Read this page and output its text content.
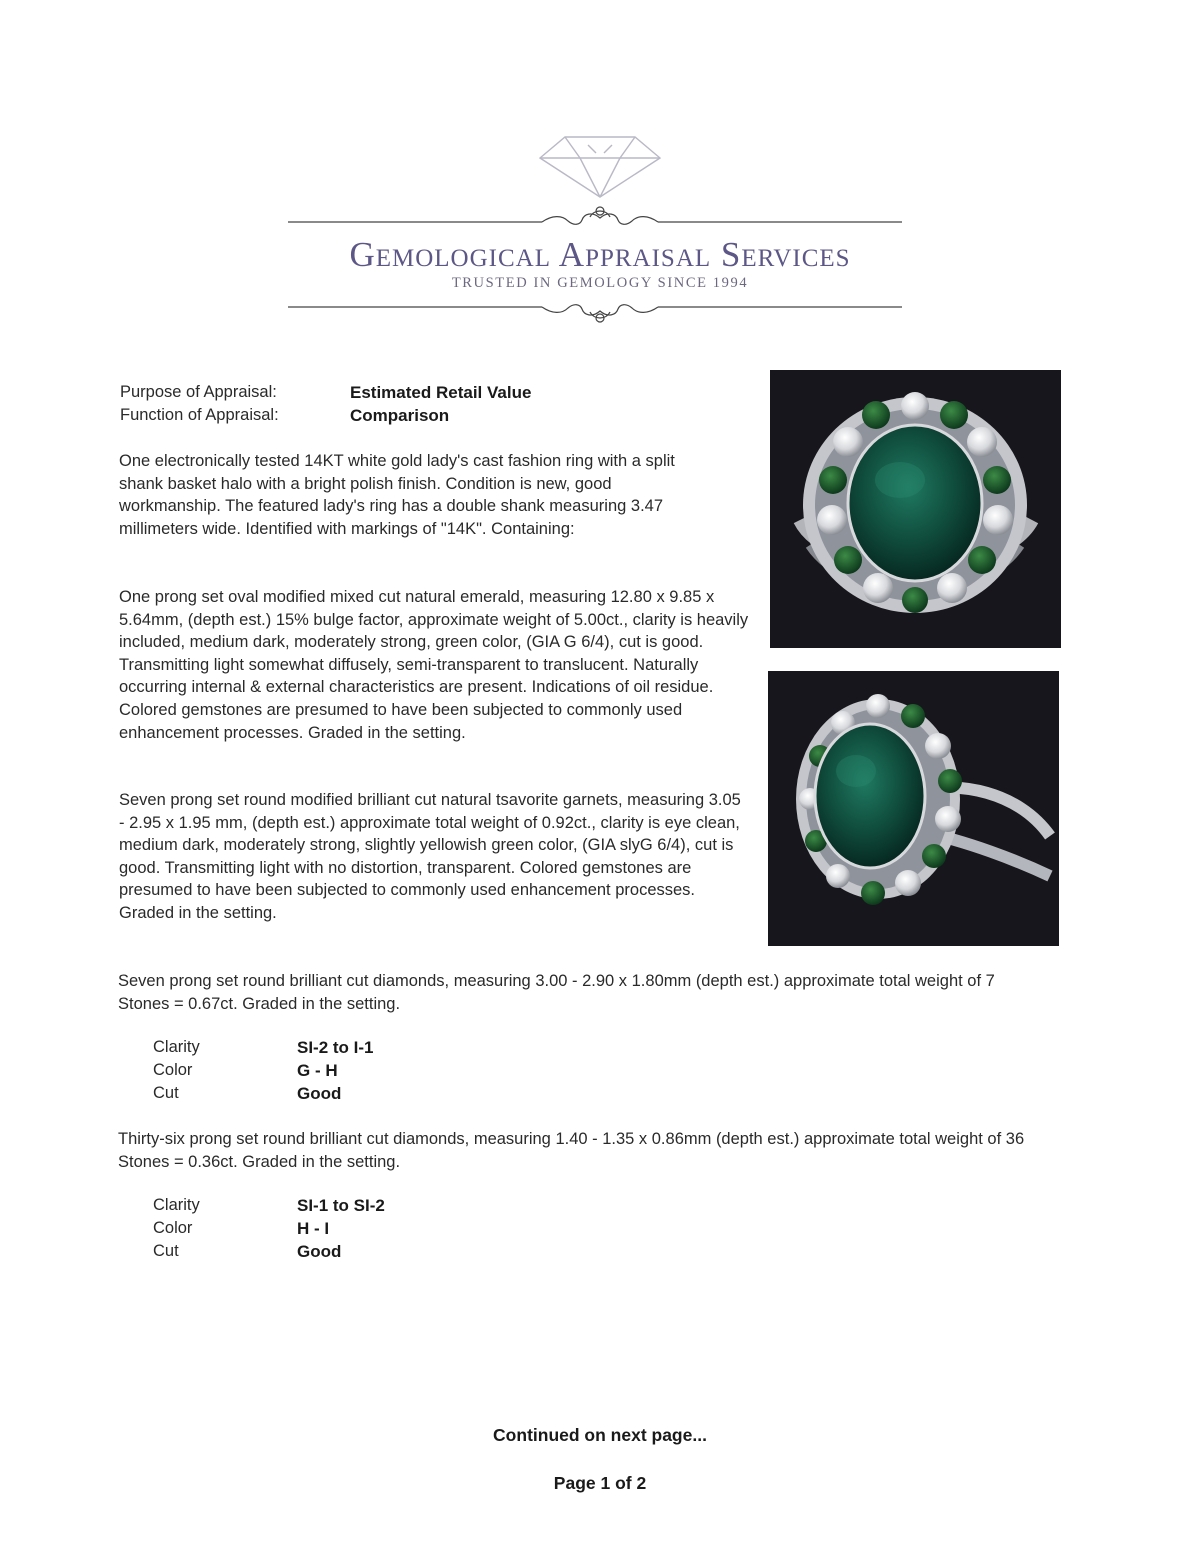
Gemological Appraisal Services
TRUSTED IN GEMOLOGY SINCE 1994
Purpose of Appraisal:	Estimated Retail Value
Function of Appraisal:	Comparison

One electronically tested 14KT white gold lady's cast fashion ring with a split shank basket halo with a bright polish finish. Condition is new, good workmanship. The featured lady's ring has a double shank measuring 3.47 millimeters wide. Identified with markings of "14K". Containing:

One prong set oval modified mixed cut natural emerald, measuring 12.80 x 9.85 x 5.64mm, (depth est.) 15% bulge factor, approximate weight of 5.00ct., clarity is heavily included, medium dark, moderately strong, green color, (GIA G 6/4), cut is good. Transmitting light somewhat diffusely, semi-transparent to translucent. Naturally occurring internal & external characteristics are present. Indications of oil residue. Colored gemstones are presumed to have been subjected to commonly used enhancement processes. Graded in the setting.

Seven prong set round modified brilliant cut natural tsavorite garnets, measuring 3.05 - 2.95 x 1.95 mm, (depth est.) approximate total weight of 0.92ct., clarity is eye clean, medium dark, moderately strong, slightly yellowish green color, (GIA slyG 6/4), cut is good. Transmitting light with no distortion, transparent. Colored gemstones are presumed to have been subjected to commonly used enhancement processes. Graded in the setting.

Seven prong set round brilliant cut diamonds, measuring 3.00 - 2.90 x 1.80mm (depth est.) approximate total weight of 7 Stones = 0.67ct. Graded in the setting.

Clarity	SI-2 to I-1
Color	G - H
Cut	Good

Thirty-six prong set round brilliant cut diamonds, measuring 1.40 - 1.35 x 0.86mm (depth est.) approximate total weight of 36 Stones = 0.36ct. Graded in the setting.

Clarity	SI-1 to SI-2
Color	H - I
Cut	Good
Continued on next page...
Page 1 of 2
